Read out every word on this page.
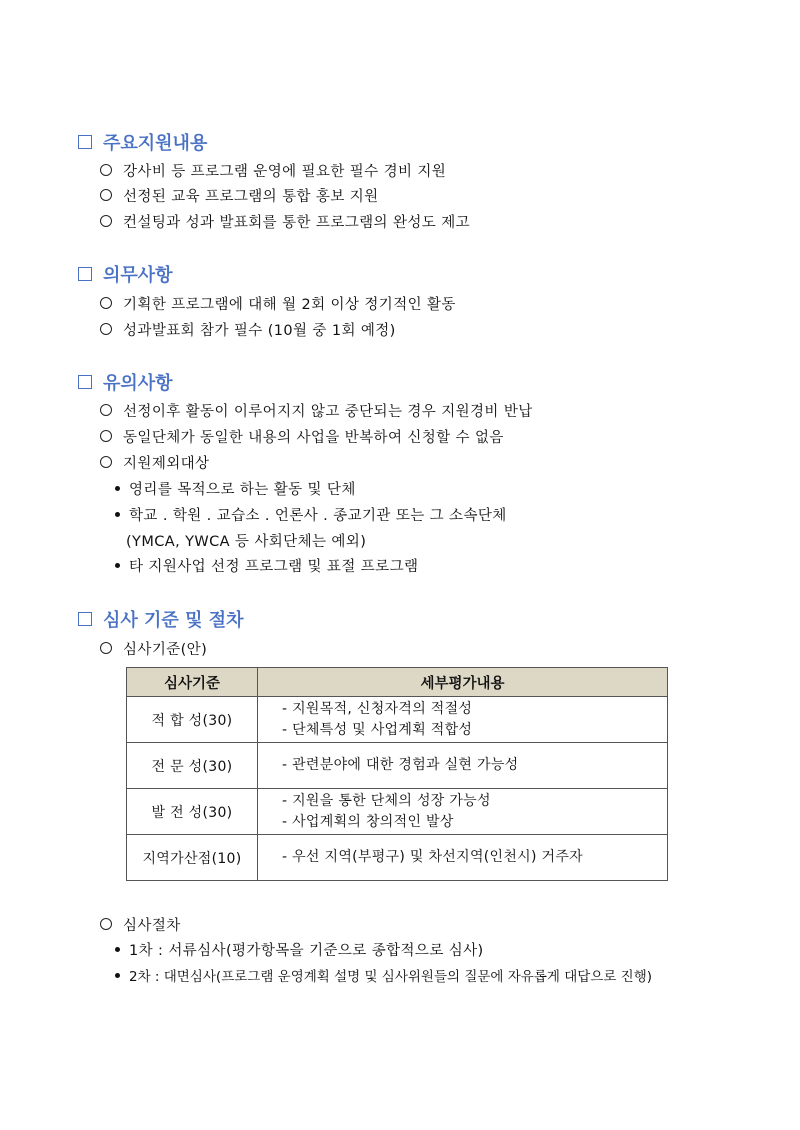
주요지원내용
강사비 등 프로그램 운영에 필요한 필수 경비 지원
선정된 교육 프로그램의 통합 홍보 지원
컨설팅과 성과 발표회를 통한 프로그램의 완성도 제고
의무사항
기획한 프로그램에 대해 월 2회 이상 정기적인 활동
성과발표회 참가 필수 (10월 중 1회 예정)
유의사항
선정이후 활동이 이루어지지 않고 중단되는 경우 지원경비 반납
동일단체가 동일한 내용의 사업을 반복하여 신청할 수 없음
지원제외대상
영리를 목적으로 하는 활동 및 단체
학교 . 학원 . 교습소 . 언론사 . 종교기관 또는 그 소속단체
(YMCA, YWCA 등 사회단체는 예외)
타 지원사업 선정 프로그램 및 표절 프로그램
심사 기준 및 절차
심사기준(안)
심사기준	세부평가내용
적 합 성(30)	- 지원목적, 신청자격의 적절성
- 단체특성 및 사업계획 적합성

전 문 성(30)	- 관련분야에 대한 경험과 실현 가능성

발 전 성(30)	- 지원을 통한 단체의 성장 가능성
- 사업계획의 창의적인 발상

지역가산점(10)	- 우선 지역(부평구) 및 차선지역(인천시) 거주자
심사절차
1차 : 서류심사(평가항목을 기준으로 종합적으로 심사)
2차 : 대면심사(프로그램 운영계획 설명 및 심사위원들의 질문에 자유롭게 대답으로 진행)
